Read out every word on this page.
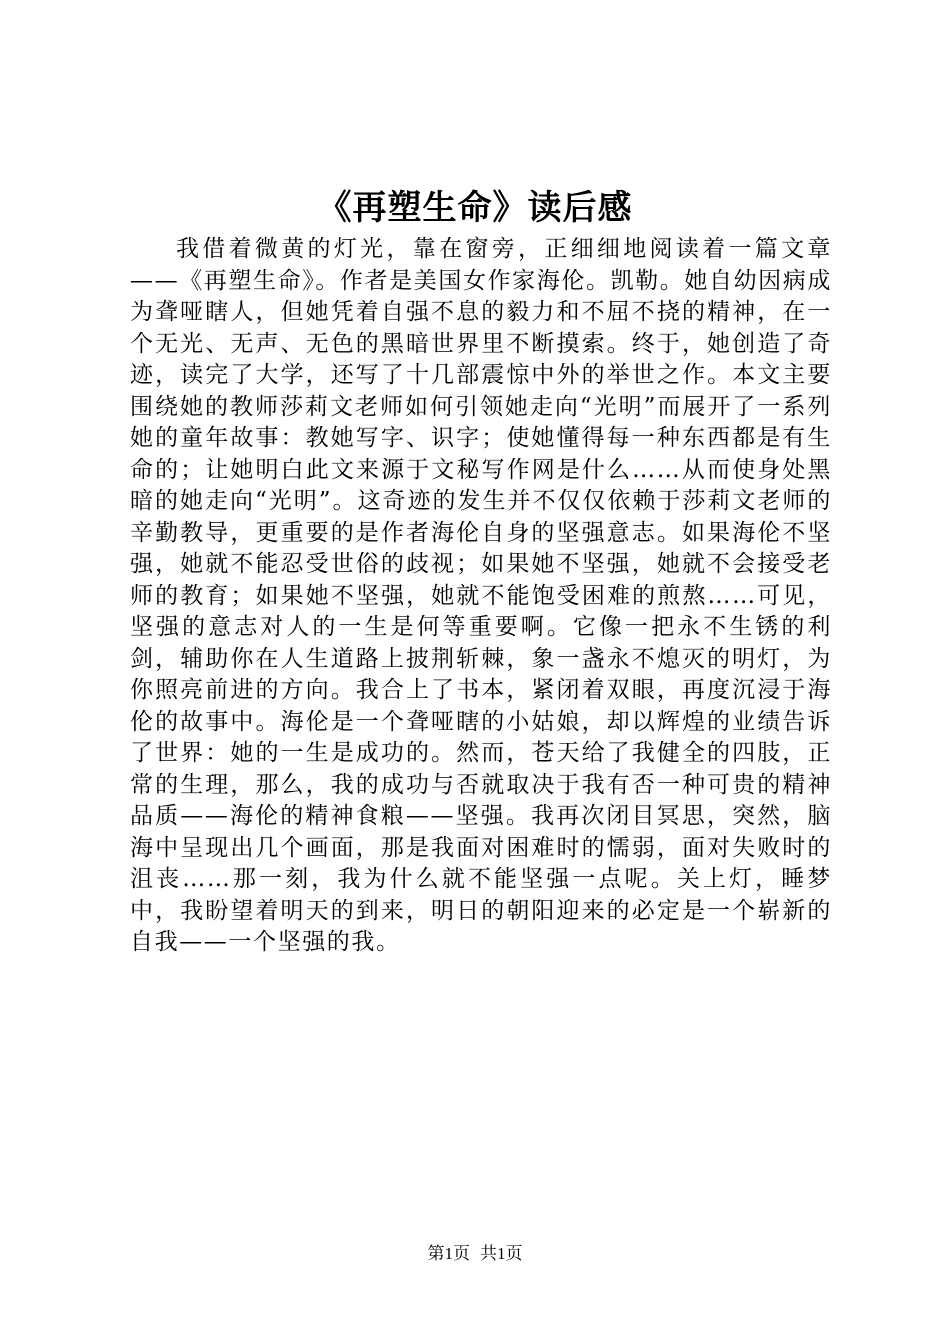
《再塑生命》读后感

我借着微黄的灯光，靠在窗旁，正细细地阅读着一篇文章——《再塑生命》。作者是美国女作家海伦。凯勒。她自幼因病成为聋哑瞎人，但她凭着自强不息的毅力和不屈不挠的精神，在一个无光、无声、无色的黑暗世界里不断摸索。终于，她创造了奇迹，读完了大学，还写了十几部震惊中外的举世之作。本文主要围绕她的教师莎莉文老师如何引领她走向“光明”而展开了一系列她的童年故事：教她写字、识字；使她懂得每一种东西都是有生命的；让她明白此文来源于文秘写作网是什么……从而使身处黑暗的她走向“光明”。这奇迹的发生并不仅仅依赖于莎莉文老师的辛勤教导，更重要的是作者海伦自身的坚强意志。如果海伦不坚强，她就不能忍受世俗的歧视；如果她不坚强，她就不会接受老师的教育；如果她不坚强，她就不能饱受困难的煎熬……可见，坚强的意志对人的一生是何等重要啊。它像一把永不生锈的利剑，辅助你在人生道路上披荆斩棘，象一盏永不熄灭的明灯，为你照亮前进的方向。我合上了书本，紧闭着双眼，再度沉浸于海伦的故事中。海伦是一个聋哑瞎的小姑娘，却以辉煌的业绩告诉了世界：她的一生是成功的。然而，苍天给了我健全的四肢，正常的生理，那么，我的成功与否就取决于我有否一种可贵的精神品质——海伦的精神食粮——坚强。我再次闭目冥思，突然，脑海中呈现出几个画面，那是我面对困难时的懦弱，面对失败时的沮丧……那一刻，我为什么就不能坚强一点呢。关上灯，睡梦中，我盼望着明天的到来，明日的朝阳迎来的必定是一个崭新的自我——一个坚强的我。

第1页 共1页
